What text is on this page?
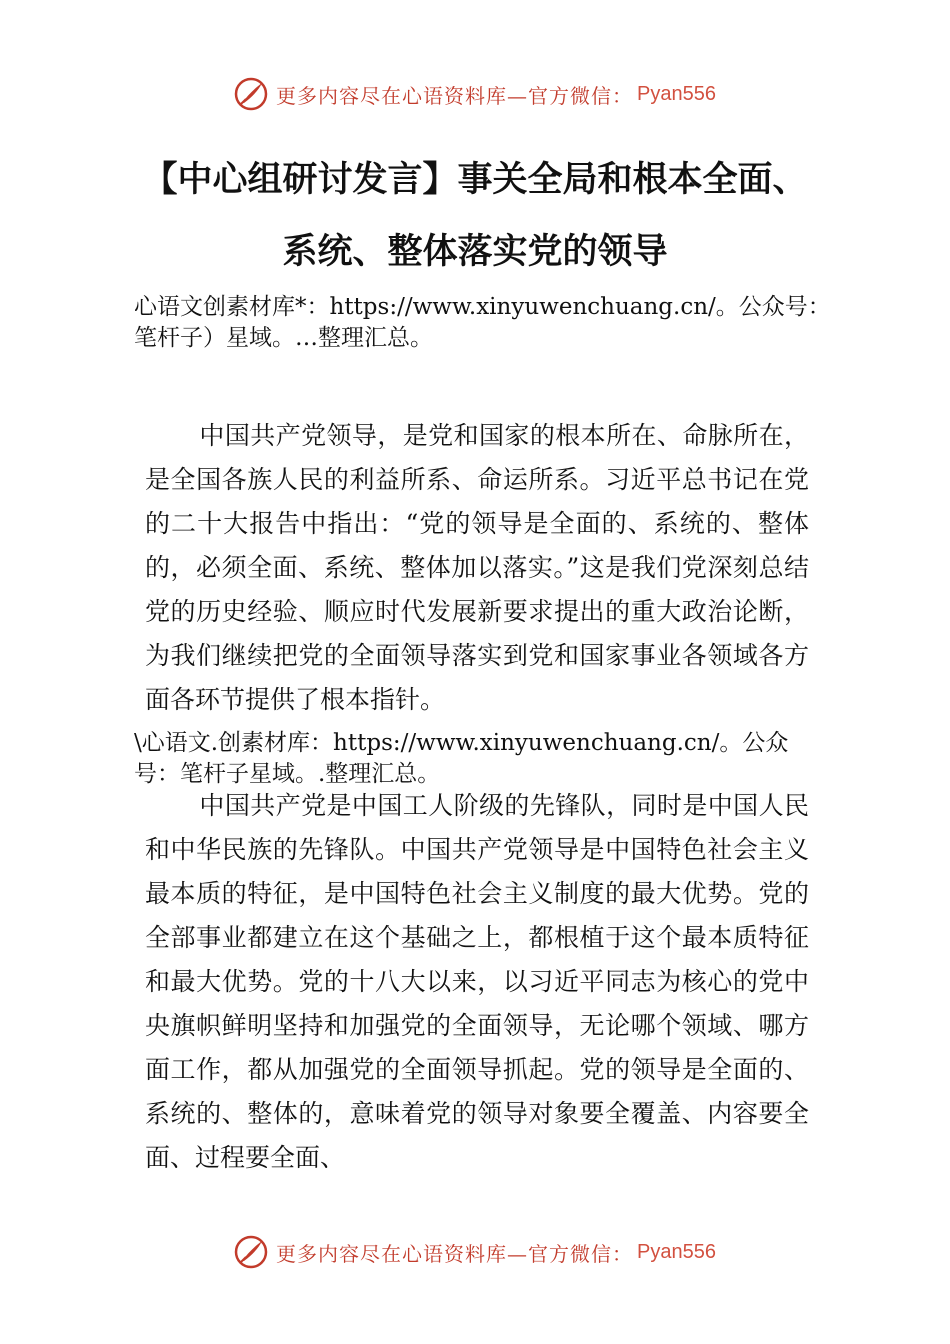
更多内容尽在心语资料库—官方微信： Pyan556
【中心组研讨发言】事关全局和根本全面、
系统、整体落实党的领导
心语文创素材库*：https://www.xinyuwenchuang.cn/。公众号：笔杆子）星域。…整理汇总。
中国共产党领导，是党和国家的根本所在、命脉所在，是全国各族人民的利益所系、命运所系。习近平总书记在党的二十大报告中指出：“党的领导是全面的、系统的、整体的，必须全面、系统、整体加以落实。”这是我们党深刻总结党的历史经验、顺应时代发展新要求提出的重大政治论断，为我们继续把党的全面领导落实到党和国家事业各领域各方面各环节提供了根本指针。
\心语文.创素材库：https://www.xinyuwenchuang.cn/。公众号：笔杆子星域。.整理汇总。
中国共产党是中国工人阶级的先锋队，同时是中国人民和中华民族的先锋队。中国共产党领导是中国特色社会主义最本质的特征，是中国特色社会主义制度的最大优势。党的全部事业都建立在这个基础之上，都根植于这个最本质特征和最大优势。党的十八大以来，以习近平同志为核心的党中央旗帜鲜明坚持和加强党的全面领导，无论哪个领域、哪方面工作，都从加强党的全面领导抓起。党的领导是全面的、系统的、整体的，意味着党的领导对象要全覆盖、内容要全面、过程要全面、
更多内容尽在心语资料库—官方微信： Pyan556
